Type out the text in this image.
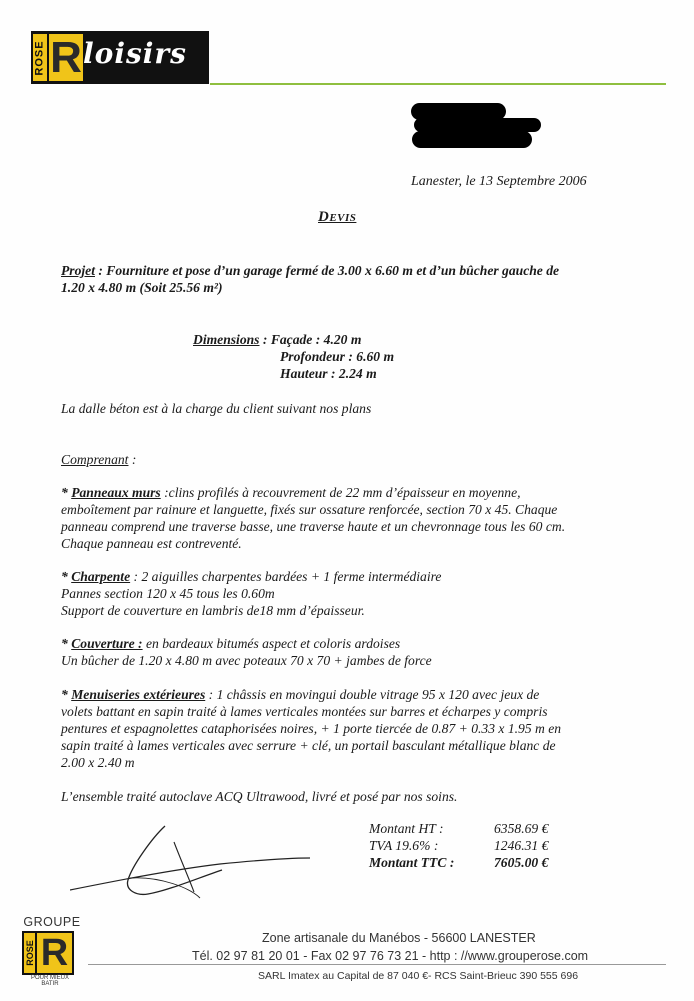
ROSE R loisirs
Lanester, le 13 Septembre 2006
Devis
Projet : Fourniture et pose d’un garage fermé de 3.00 x 6.60 m et d’un bûcher gauche de
1.20 x 4.80 m (Soit 25.56 m²)
Dimensions : Façade : 4.20 m
Profondeur : 6.60 m
Hauteur : 2.24 m
La dalle béton est à la charge du client suivant nos plans
Comprenant :
* Panneaux murs :clins profilés à recouvrement de 22 mm d’épaisseur en moyenne,
emboîtement par rainure et languette, fixés sur ossature renforcée, section 70 x 45. Chaque
panneau comprend une traverse basse, une traverse haute et un chevronnage tous les 60 cm.
Chaque panneau est contreventé.
* Charpente : 2 aiguilles charpentes bardées + 1 ferme intermédiaire
Pannes section 120 x 45 tous les 0.60m
Support de couverture en lambris de18 mm d’épaisseur.
* Couverture : en bardeaux bitumés aspect et coloris ardoises
Un bûcher de 1.20 x 4.80 m avec poteaux 70 x 70 + jambes de force
* Menuiseries extérieures : 1 châssis en movingui double vitrage 95 x 120 avec jeux de
volets battant en sapin traité à lames verticales montées sur barres et écharpes y compris
pentures et espagnolettes cataphorisées noires, + 1 porte tiercée de 0.87 + 0.33 x 1.95 m en
sapin traité à lames verticales avec serrure + clé, un portail basculant métallique blanc de
2.00 x 2.40 m
L’ensemble traité autoclave ACQ Ultrawood, livré et posé par nos soins.
Montant HT :	6358.69 €
TVA 19.6% :	1246.31 €
Montant TTC :	7605.00 €
GROUPE
ROSE R
POUR MIEUX BATIR
Zone artisanale du Manébos - 56600 LANESTER
Tél. 02 97 81 20 01 - Fax 02 97 76 73 21 - http : //www.grouperose.com
SARL Imatex au Capital de 87 040 €- RCS Saint-Brieuc 390 555 696
